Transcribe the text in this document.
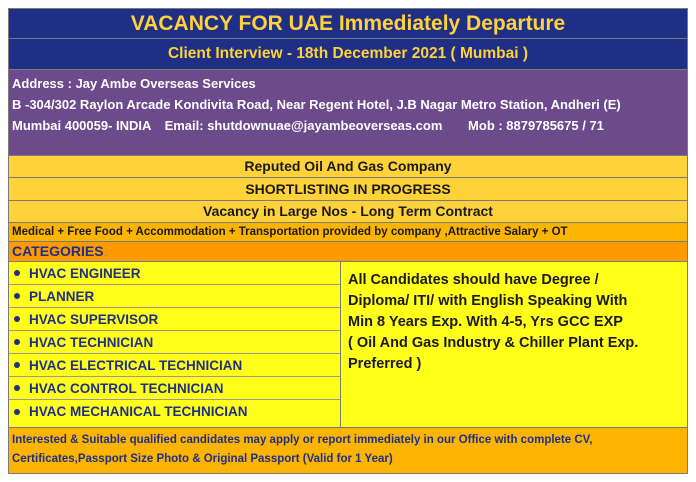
VACANCY FOR UAE Immediately Departure
Client Interview - 18th December 2021 ( Mumbai )
Address : Jay Ambe Overseas Services
B -304/302 Raylon Arcade Kondivita Road, Near Regent Hotel, J.B Nagar Metro Station, Andheri (E)
Mumbai 400059- INDIA Email: shutdownuae@jayambeoverseas.com Mob : 8879785675 / 71
Reputed Oil And Gas Company
SHORTLISTING IN PROGRESS
Vacancy in Large Nos - Long Term Contract
Medical + Free Food + Accommodation + Transportation provided by company ,Attractive Salary + OT
CATEGORIES
HVAC ENGINEER
PLANNER
HVAC SUPERVISOR
HVAC TECHNICIAN
HVAC ELECTRICAL TECHNICIAN
HVAC CONTROL TECHNICIAN
HVAC MECHANICAL TECHNICIAN
All Candidates should have Degree /
Diploma/ ITI/ with English Speaking With
Min 8 Years Exp. With 4-5, Yrs GCC EXP
( Oil And Gas Industry & Chiller Plant Exp.
Preferred )
Interested & Suitable qualified candidates may apply or report immediately in our Office with complete CV,
Certificates,Passport Size Photo & Original Passport (Valid for 1 Year)
